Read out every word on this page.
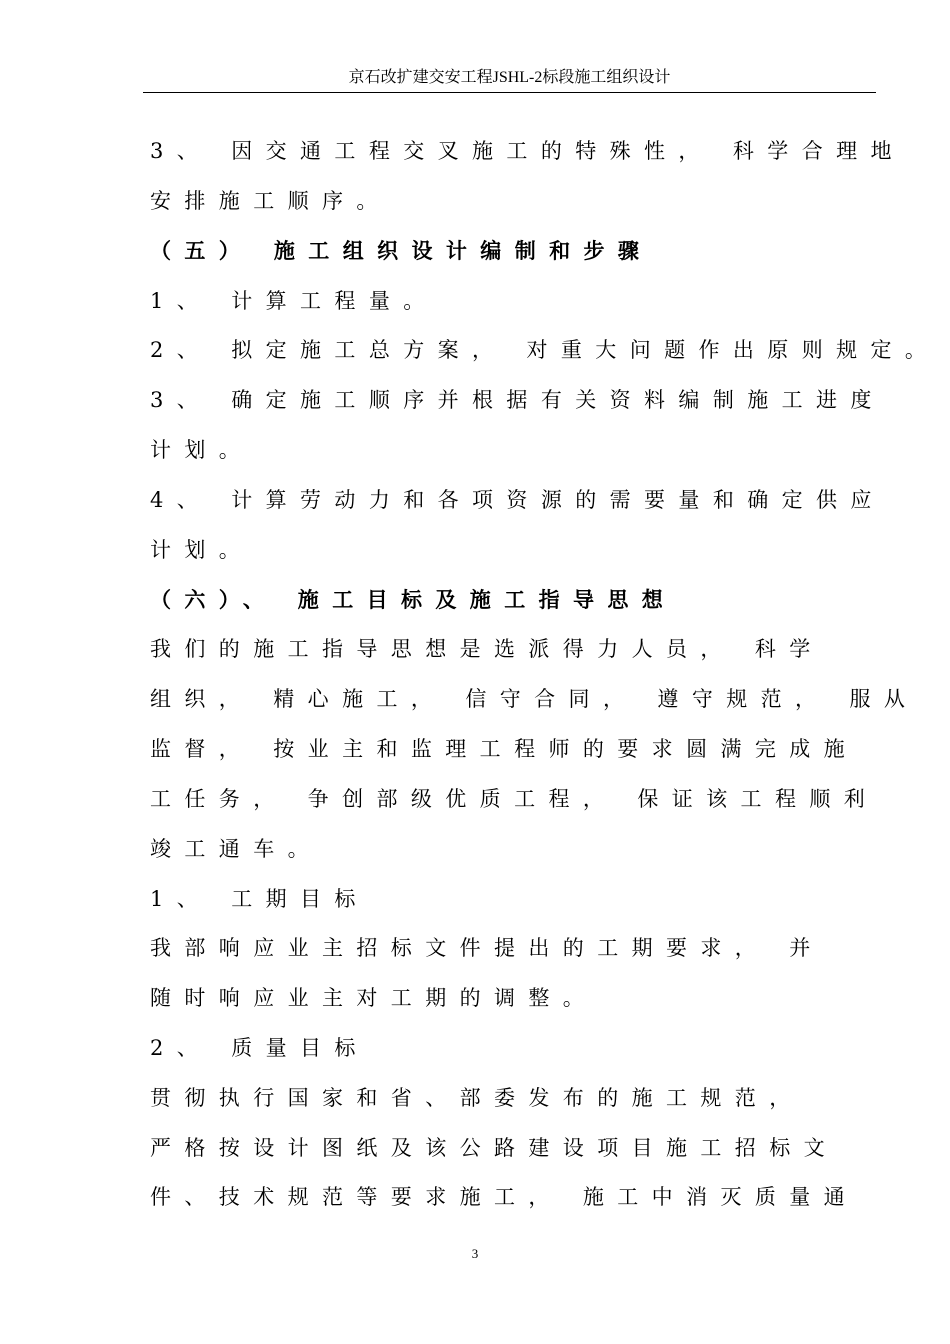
京石改扩建交安工程JSHL-2标段施工组织设计
3、 因交通工程交叉施工的特殊性， 科学合理地
安排施工顺序。
（五） 施工组织设计编制和步骤
1、 计算工程量。
2、 拟定施工总方案， 对重大问题作出原则规定。
3、 确定施工顺序并根据有关资料编制施工进度
计划。
4、 计算劳动力和各项资源的需要量和确定供应
计划。
（六）、 施工目标及施工指导思想
我们的施工指导思想是选派得力人员， 科学
组织， 精心施工， 信守合同， 遵守规范， 服从
监督， 按业主和监理工程师的要求圆满完成施
工任务， 争创部级优质工程， 保证该工程顺利
竣工通车。
1、 工期目标
我部响应业主招标文件提出的工期要求， 并
随时响应业主对工期的调整。
2、 质量目标
贯彻执行国家和省、部委发布的施工规范，
严格按设计图纸及该公路建设项目施工招标文
件、技术规范等要求施工， 施工中消灭质量通
3
